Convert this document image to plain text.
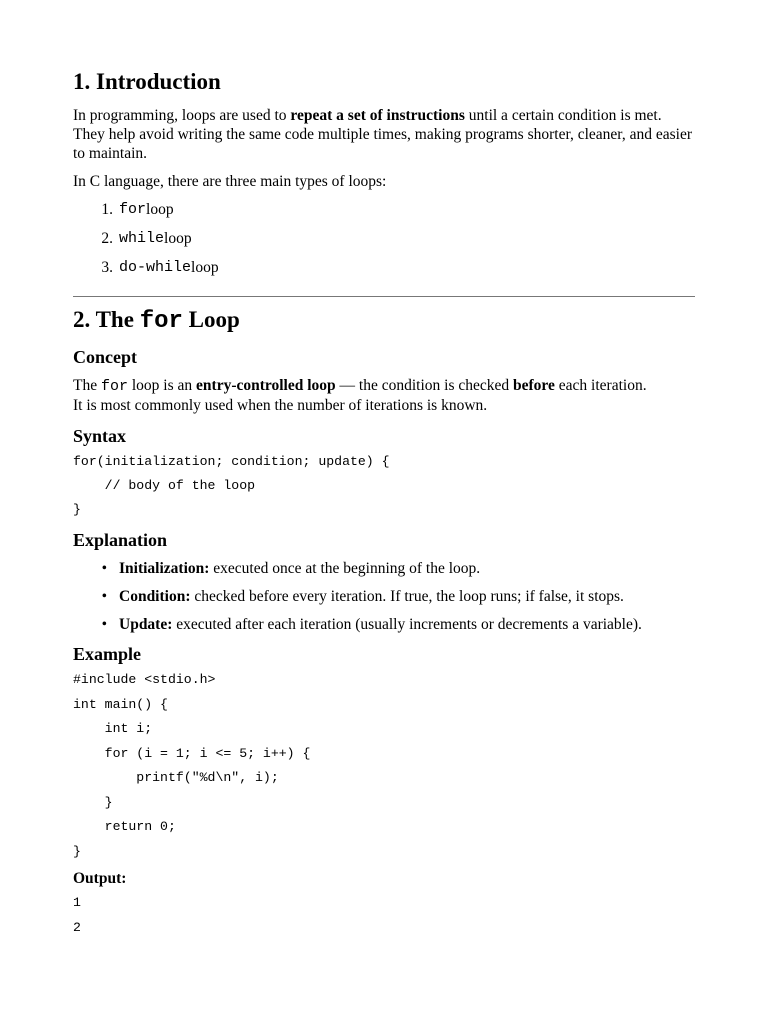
1. Introduction
In programming, loops are used to repeat a set of instructions until a certain condition is met.
They help avoid writing the same code multiple times, making programs shorter, cleaner, and easier
to maintain.

In C language, there are three main types of loops:

1. for loop
2. while loop
3. do-while loop
2. The for Loop
Concept
The for loop is an entry-controlled loop — the condition is checked before each iteration.
It is most commonly used when the number of iterations is known.
Syntax
for(initialization; condition; update) {
// body of the loop
}
Explanation
• Initialization: executed once at the beginning of the loop.
• Condition: checked before every iteration. If true, the loop runs; if false, it stops.
• Update: executed after each iteration (usually increments or decrements a variable).
Example
#include <stdio.h>
int main() {
int i;
for (i = 1; i <= 5; i++) {
printf("%d\n", i);
}
return 0;
}
Output:
1
2
